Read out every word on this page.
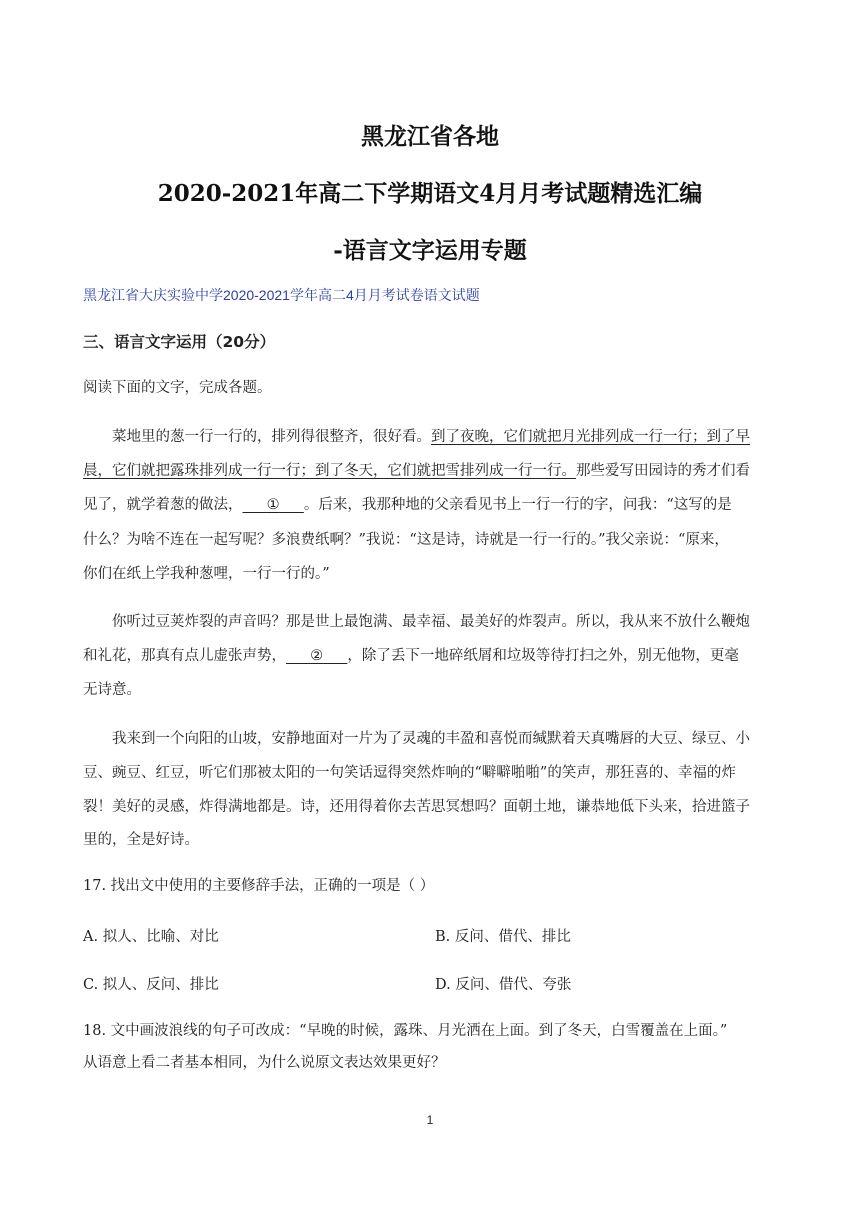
黑龙江省各地
2020-2021年高二下学期语文4月月考试题精选汇编
-语言文字运用专题
黑龙江省大庆实验中学2020-2021学年高二4月月考试卷语文试题
三、语言文字运用（20分）
阅读下面的文字，完成各题。
菜地里的葱一行一行的，排列得很整齐，很好看。到了夜晚，它们就把月光排列成一行一行；到了早
晨，它们就把露珠排列成一行一行；到了冬天，它们就把雪排列成一行一行。那些爱写田园诗的秀才们看
见了，就学着葱的做法， ① 。后来，我那种地的父亲看见书上一行一行的字，问我：“这写的是
什么？为啥不连在一起写呢？多浪费纸啊？”我说：“这是诗，诗就是一行一行的。”我父亲说：“原来，
你们在纸上学我种葱哩，一行一行的。”
你听过豆荚炸裂的声音吗？那是世上最饱满、最幸福、最美好的炸裂声。所以，我从来不放什么鞭炮
和礼花，那真有点儿虚张声势， ② ，除了丢下一地碎纸屑和垃圾等待打扫之外，别无他物，更毫
无诗意。
我来到一个向阳的山坡，安静地面对一片为了灵魂的丰盈和喜悦而缄默着天真嘴唇的大豆、绿豆、小
豆、豌豆、红豆，听它们那被太阳的一句笑话逗得突然炸响的“噼噼啪啪”的笑声，那狂喜的、幸福的炸
裂！美好的灵感，炸得满地都是。诗，还用得着你去苦思冥想吗？面朝土地，谦恭地低下头来，拾进篮子
里的，全是好诗。
17. 找出文中使用的主要修辞手法，正确的一项是（ ）
A. 拟人、比喻、对比	B. 反问、借代、排比
C. 拟人、反问、排比	D. 反问、借代、夸张
18. 文中画波浪线的句子可改成：“早晚的时候，露珠、月光洒在上面。到了冬天，白雪覆盖在上面。”
从语意上看二者基本相同，为什么说原文表达效果更好？
1
